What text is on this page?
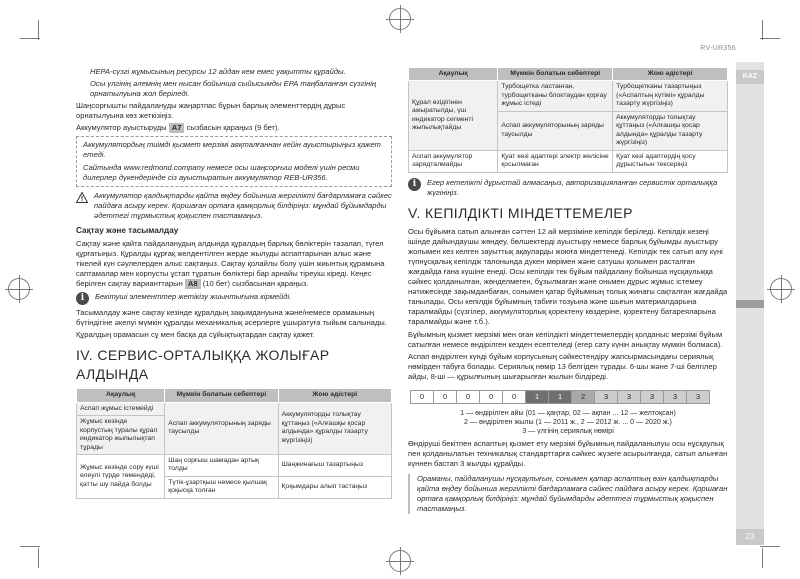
RV-UR356
KAZ
23
НЕРА-сүзгі жұмысының ресурсы 12 айдан кем емес уақытты құрайды.
Осы үлгінің әлемнің мен нысан бойынша сыйысымды ЕРА таңбаланған сүзгінің орнатылуына жол беріледі.
Шаңсорғышты пайдалануды жаңартпас бұрын барлық элементтердің дұрыс орнатылуына көз жеткізіңіз.
Аккумулятор ауыстыруды A7 сызбасын қараңыз (9 бет).
Аккумулятордың тиімді қызмет мерзімі аяқталғаннан кейін ауыстырыңыз қажет етеді.
Сайтында www.redmond.company немесе осы шаңсорғыш моделі үшін ресми дилерлер дүкендерінде сіз ауыстыратын аккумулятор REB-UR356.
Аккумулятор қалдықтарды қайта өңдеу бойынша жергілікті бағдарламаға сәйкес пайдаға асыру керек. Қоршаған ортаға қамқорлық білдіріңіз: мұндай бұйымдарды әдеттегі тұрмыстық қоқыспен тастамаңыз.
Сақтау және тасымалдау
Сақтау және қайта пайдаланудың алдында құралдың барлық бөліктерін тазалап, түгел құрғатыңыз. Құралды құрғақ желдентілген жерде жылуды аспаптарынан алыс және тікелей күн сәулелерден алыс сақтаңыз. Сақтау қолайлы болу үшін жиынтық құрамына саптамалар мен корпусты ұстап тұратын бөліктері бар арнайы тіреуіш кіреді. Кеңес берілген сақтау варианттарын A8 (10 бет) сызбасынан қараңыз.
i	Бекітуші элементтер жетікізу жиынтығына кірмейді.
Тасымалдау және сақтау кезінде құралдың зақымдануына және/немесе орамаының бүтіндігіне әкелуі мүмкін құралды механикалық әсерлерге ұшыратуға тыйым салынады.
Құралдың орамасын сұ мен басқа да сұйықтықтардан сақтау қажет.
IV. СЕРВИС-ОРТАЛЫҚҚА ЖОЛЫҒАР АЛДЫНДА
Ақаулық	Мүмкін болатын себептері	Жою әдістері
Аспап жұмыс істемейді	Аспап аккумуляторының заряды таусылды	Аккумуляторды толықтау құттаңыз («Алғашқы қосар алдында» құралды тазарту жүргізіңіз)
Жұмыс кезінде корпустың туралы құрал индикатор жыпылықтап тұрады		
Жұмыс кезінде сору күші елеулі түрде төмендеді, қатты шу пайда болды		
	Шаң сорғыш шамадан артық толды	Шаңжинағыш тазартыңыз
	Түтік-ұзартқыш немесе қылшақ қоқысқа толған	Қоқымдары алып тастаңыз
Ақаулық	Мүмкін болатын себептері	Жою әдістері
Құрал өзідігінен ажыратылды, үш индикатор сегменті жыпылықтайды	Турбощетка ластанған, турбощетканы блоктаудан қорғау жұмыс істеді	Турбощетканы тазартыңыз («Аспаптың күтімі» құралды тазарту жүргізіңіз)
	Аспап аккумуляторының заряды таусылды	Аккумуляторды толықтау құттаңыз («Алғашқы қосар алдында» құралды тазарту жүргізіңіз)
Аспап аккумулятор зарядталмайды	Қуат көзі адаптері электр желісіне қосылмаған	Қуат көзі адаптердің қосу дұрыстығын тексеріңіз
i	Егер кетелікті дұрыстай алмасаңыз, авторизацияланған сервистік орталыққа жүгініңіз.
V. КЕПІЛДІКТІ МІНДЕТТЕМЕЛЕР
Осы бұйымға сатып алынған сәттен 12 ай мерзіміне кепілдік беріледі. Кепілдік кезеңі ішінде дайындаушы жөндеу, бөлшектерді ауыстыру немесе барлық бұйымды ауыстыру жолымен кез келген зауыттық ақауларды жоюға міндеттенеді. Кепілдік тек сатып алу күні түпнұсқалық кепілдік талонында дүкен мөрімен және сатушы қолымен расталған жағдайда ғана күшіне енеді. Осы кепілдік тек бұйым пайдалану бойынша нұсқаулыққа сәйкес қолданылған, жөнделмеген, бұзылмаған және оньмен дұрыс жұмыс істемеу нәтижесінде зақымданбаған, сонымен қатар бұйымның толық жинағы сақталған жағдайда танылады. Осы кепілдік бұйымның табиғи тозуына және шығын материалдарына таралмайды (сүзгілер, аккумуляторлық қоректену көздеріне, қоректену батареяларына таралмайды және т.б.).
Бұйымның қызмет мерзімі мен оған кепілдікті міндеттемелердің қолданыс мерзімі бұйым сатылған немесе өндірілген кезден есептеледі (егер сату күнін анықтау мүмкін болмаса).
Аспап өндірілген күнді бұйым корпусының сәйкестендіру жапсырмасындағы сериялық нөмірден табуға болады. Сериялық нөмір 13 белгіден тұрады. 6-шы және 7-ші белгілер айды, 8-ші — құрылғының шығарылған жылын білдіреді.
0	0	0	0	0	1	1	2	3	3	3	3	3
1 — өндірілген айы (01 — қаңтар, 02 — ақпан ... 12 — желтоқсан)
2 — өндірілген жылы (1 — 2011 ж., 2 — 2012 ж. ... 0 — 2020 ж.)
3 — үлгінің сериялық нөмірі
Өндіруші бекітпен аспаптың қызмет ету мерзімі бұйымның пайдаланылуы осы нұсқаулық пен қолданылатын техникалық стандарттарға сәйкес жүзеге асырылғанда, сатып алынған күннен бастап 3 жылды құрайды.
Ораманы, пайдаланушы нұсқаулығын, сонымен қатар аспаптың өзін қалдықтарды қайта өңдеу бойынша жергілікті бағдарламаға сәйкес пайдаға асыру керек. Қоршаған ортаға қамқорлық білдіріңіз: мұндай бұйымдарды әдеттегі тұрмыстық қоқыспен тастамаңыз.
